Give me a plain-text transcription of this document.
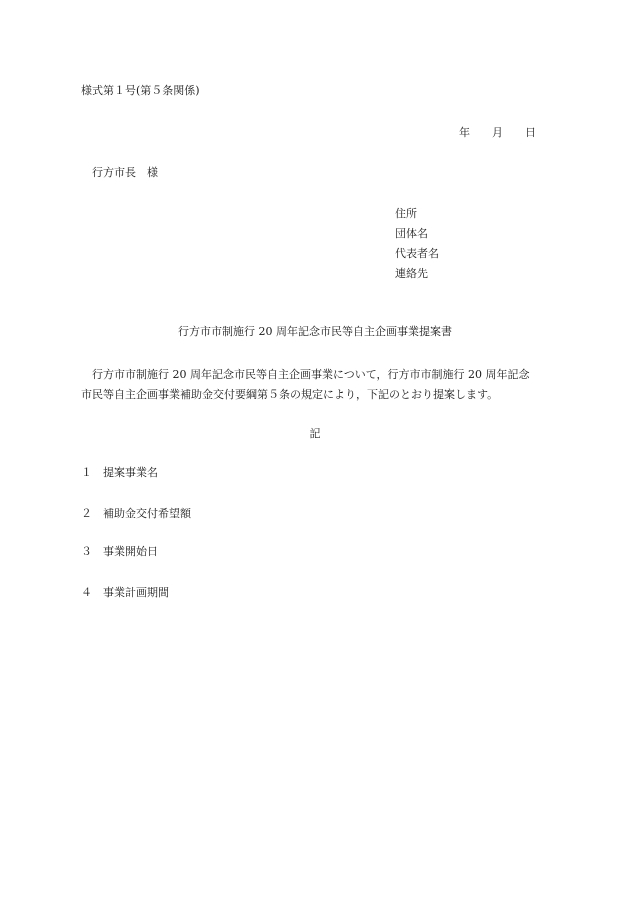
様式第１号(第５条関係)
年 月 日
行方市長 様
住所
団体名
代表者名
連絡先
行方市市制施行 20 周年記念市民等自主企画事業提案書
行方市市制施行 20 周年記念市民等自主企画事業について，行方市市制施行 20 周年記念
市民等自主企画事業補助金交付要綱第５条の規定により，下記のとおり提案します。
記
１ 提案事業名
２ 補助金交付希望額
３ 事業開始日
４ 事業計画期間
